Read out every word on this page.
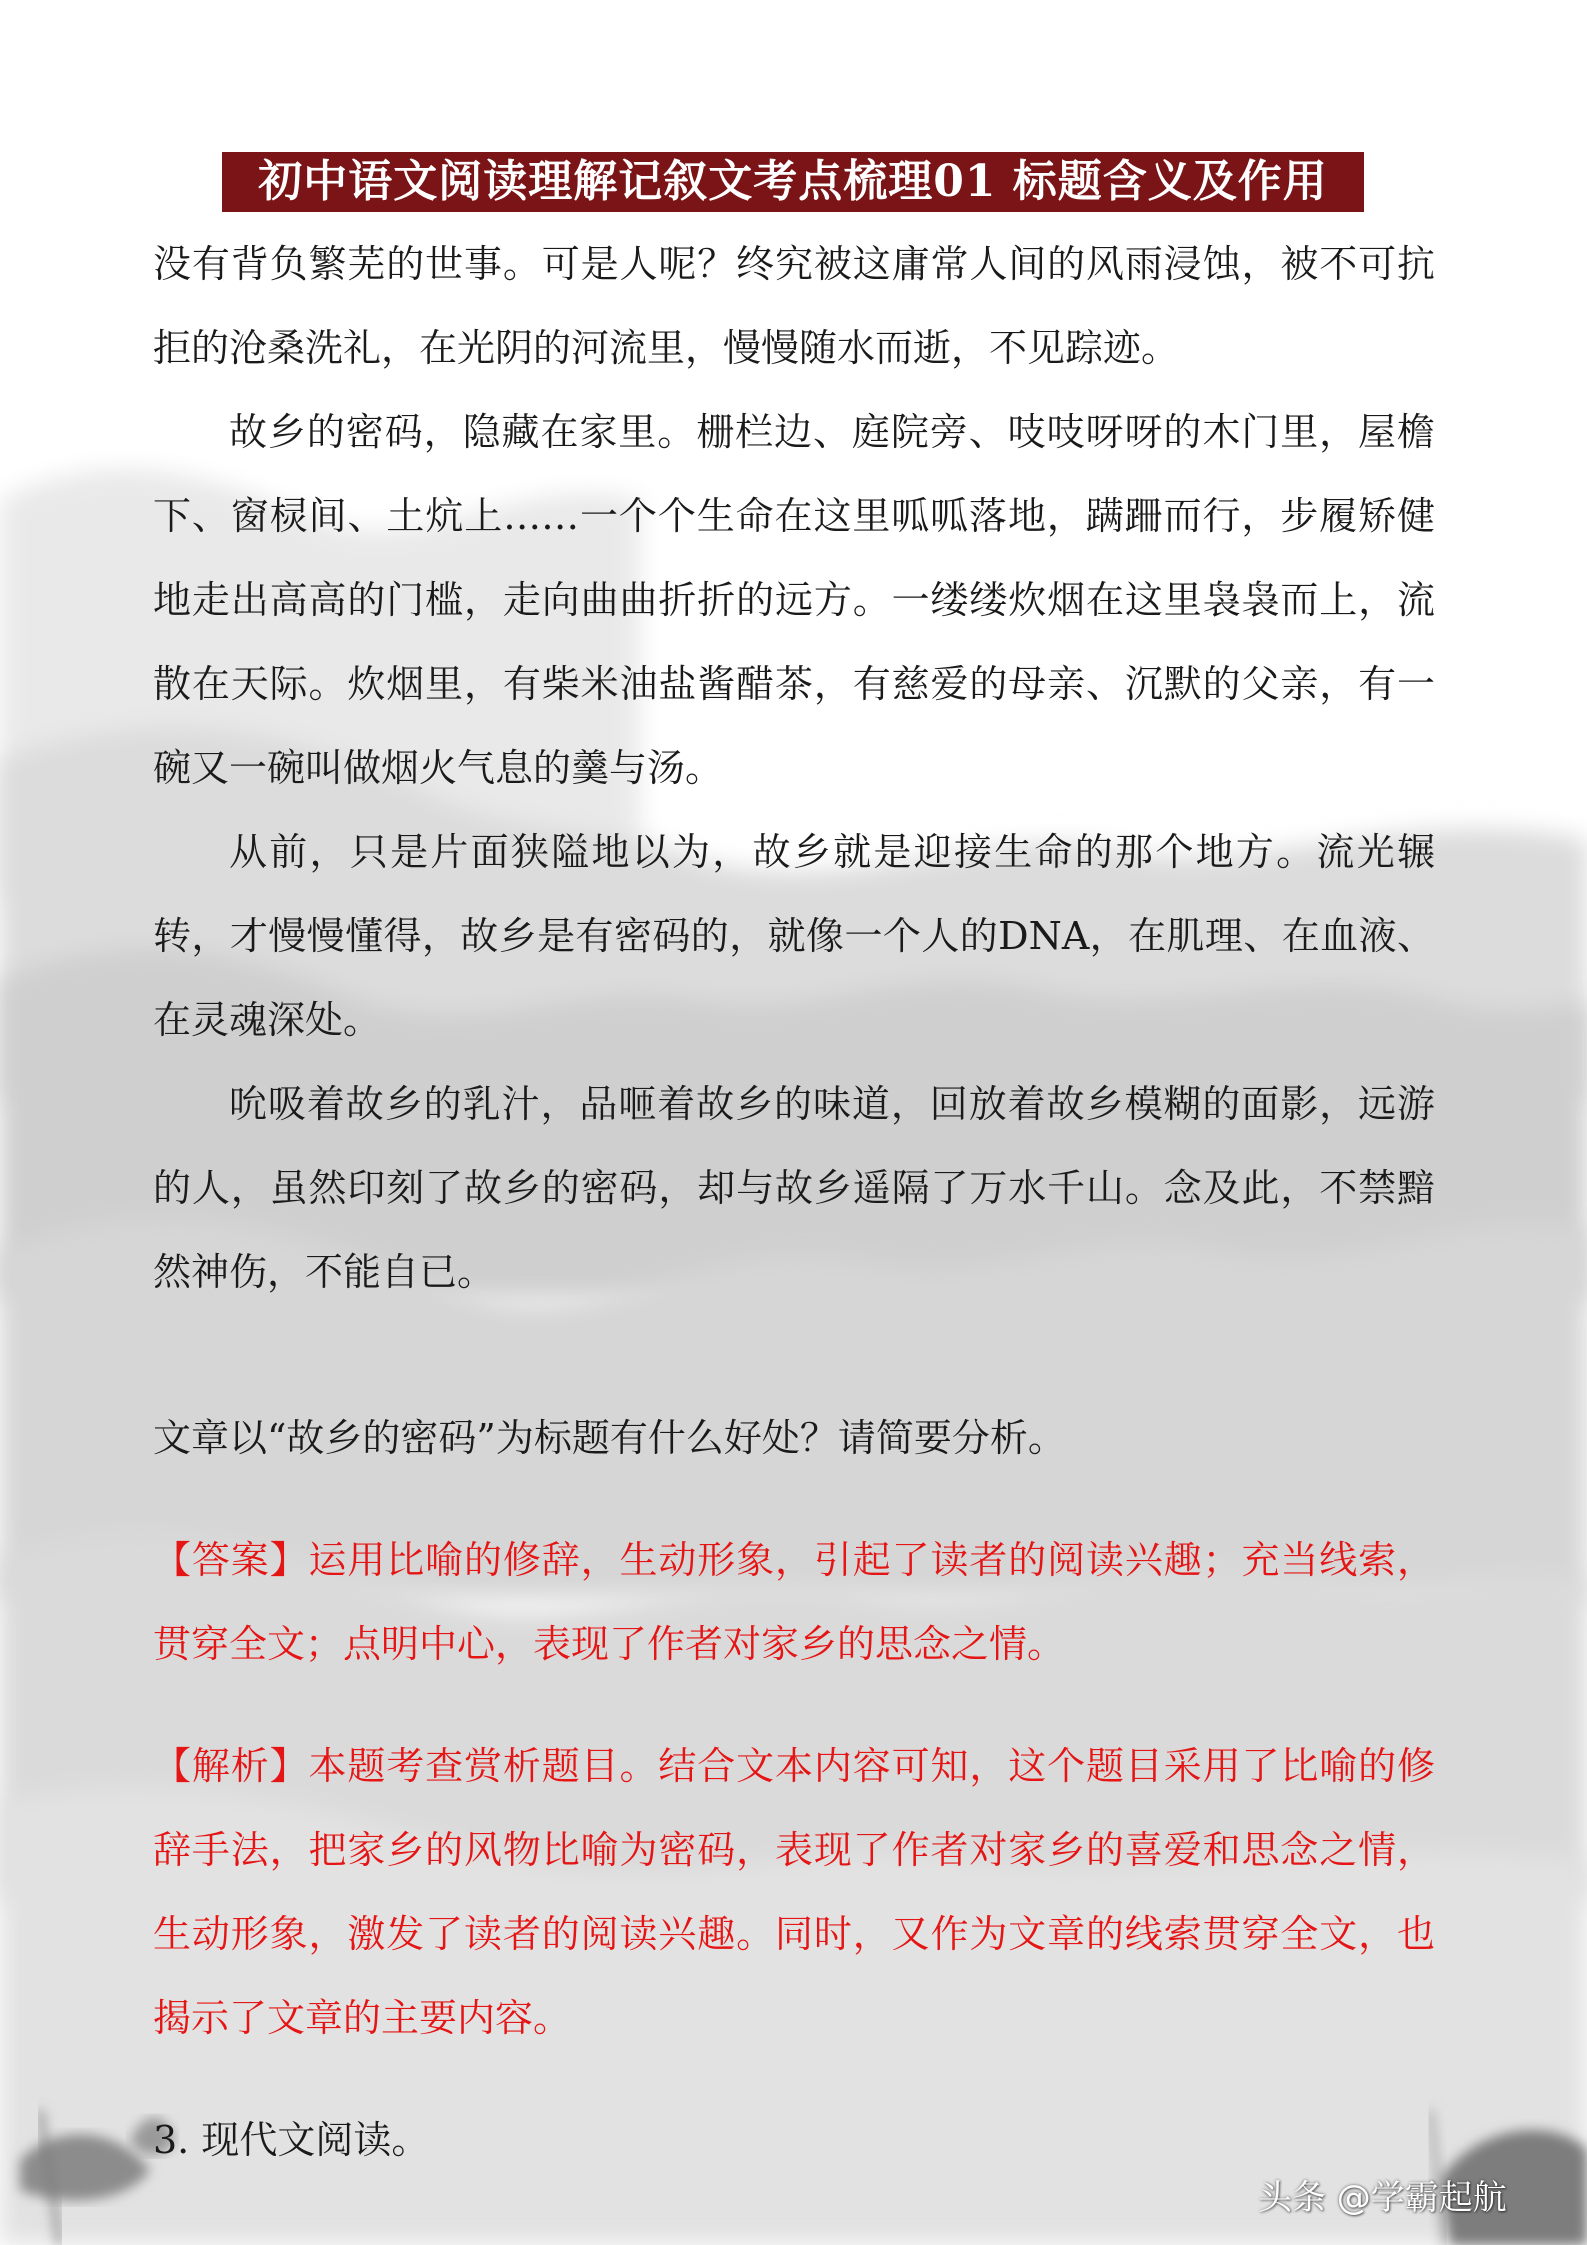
初中语文阅读理解记叙文考点梳理01 标题含义及作用

没有背负繁芜的世事。可是人呢？终究被这庸常人间的风雨浸蚀，被不可抗拒的沧桑洗礼，在光阴的河流里，慢慢随水而逝，不见踪迹。

故乡的密码，隐藏在家里。栅栏边、庭院旁、吱吱呀呀的木门里，屋檐下、窗棂间、土炕上……一个个生命在这里呱呱落地，蹒跚而行，步履矫健地走出高高的门槛，走向曲曲折折的远方。一缕缕炊烟在这里袅袅而上，流散在天际。炊烟里，有柴米油盐酱醋茶，有慈爱的母亲、沉默的父亲，有一碗又一碗叫做烟火气息的羹与汤。

从前，只是片面狭隘地以为，故乡就是迎接生命的那个地方。流光辗转，才慢慢懂得，故乡是有密码的，就像一个人的DNA，在肌理、在血液、在灵魂深处。

吮吸着故乡的乳汁，品咂着故乡的味道，回放着故乡模糊的面影，远游的人，虽然印刻了故乡的密码，却与故乡遥隔了万水千山。念及此，不禁黯然神伤，不能自已。

文章以“故乡的密码”为标题有什么好处？请简要分析。

【答案】运用比喻的修辞，生动形象，引起了读者的阅读兴趣；充当线索，贯穿全文；点明中心，表现了作者对家乡的思念之情。

【解析】本题考查赏析题目。结合文本内容可知，这个题目采用了比喻的修辞手法，把家乡的风物比喻为密码，表现了作者对家乡的喜爱和思念之情，生动形象，激发了读者的阅读兴趣。同时，又作为文章的线索贯穿全文，也揭示了文章的主要内容。

3. 现代文阅读。

头条 @学霸起航
